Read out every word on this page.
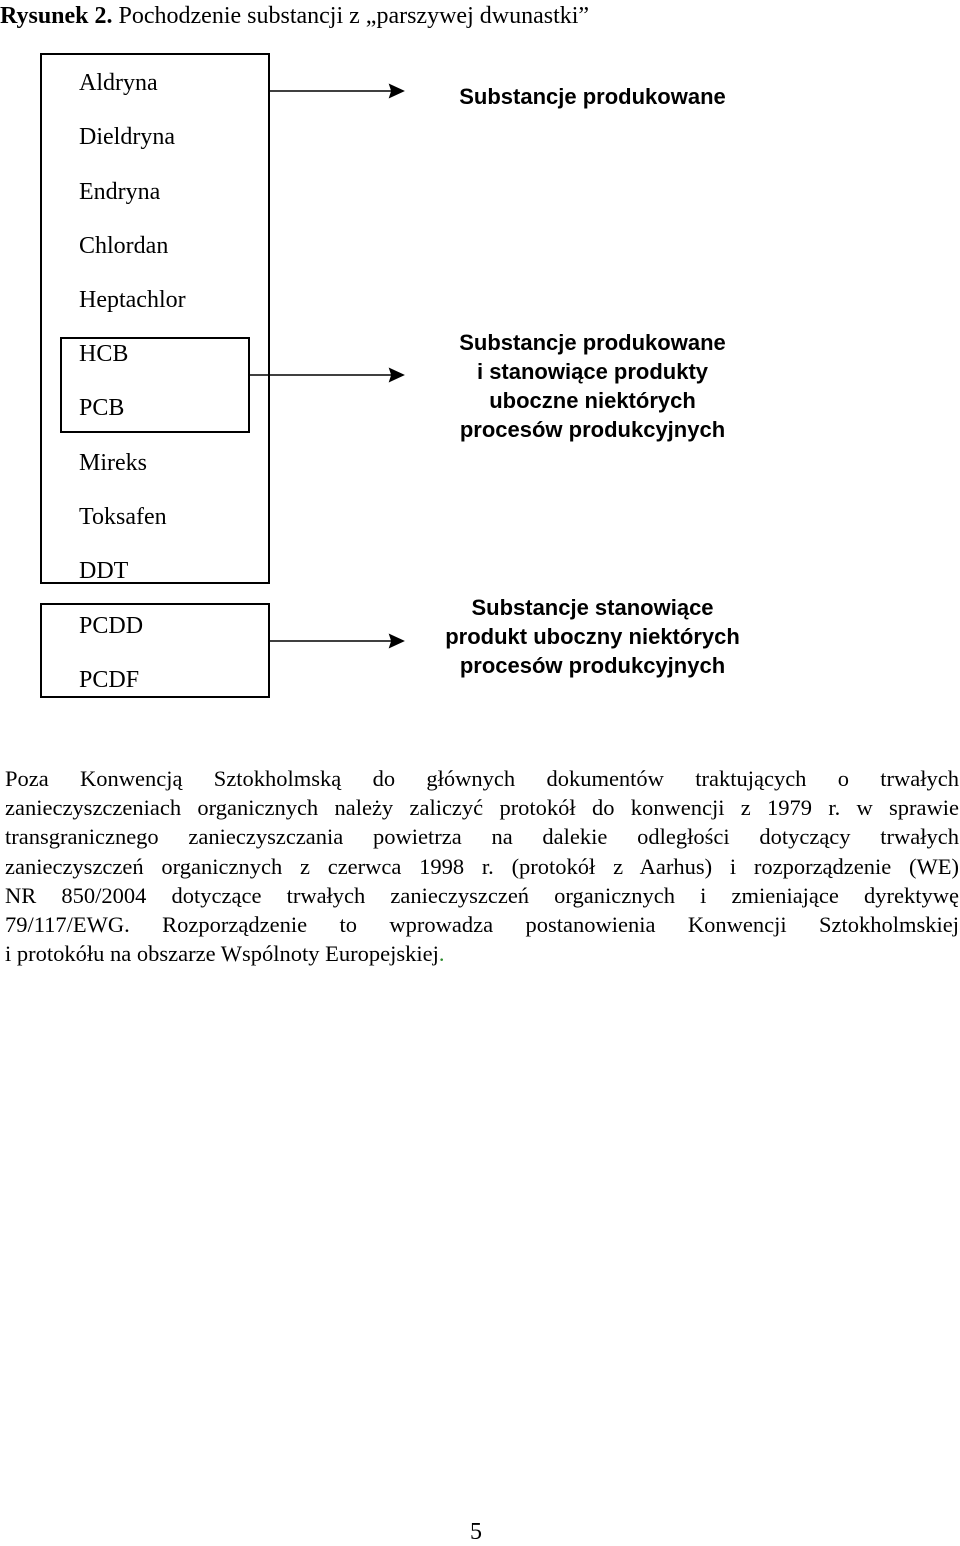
Rysunek 2. Pochodzenie substancji z „parszywej dwunastki”
Aldryna
Dieldryna
Endryna
Chlordan
Heptachlor
HCB
PCB
Mireks
Toksafen
DDT
PCDD
PCDF
Substancje produkowane
Substancje produkowane
i stanowiące produkty
uboczne niektórych
procesów produkcyjnych
Substancje stanowiące
produkt uboczny niektórych
procesów produkcyjnych
Poza Konwencją Sztokholmską do głównych dokumentów traktujących o trwałych
zanieczyszczeniach organicznych należy zaliczyć protokół do konwencji z 1979 r. w sprawie
transgranicznego zanieczyszczania powietrza na dalekie odległości dotyczący trwałych
zanieczyszczeń organicznych z czerwca 1998 r. (protokół z Aarhus) i rozporządzenie (WE)
NR 850/2004 dotyczące trwałych zanieczyszczeń organicznych i zmieniające dyrektywę
79/117/EWG. Rozporządzenie to wprowadza postanowienia Konwencji Sztokholmskiej
i protokółu na obszarze Wspólnoty Europejskiej.
5
